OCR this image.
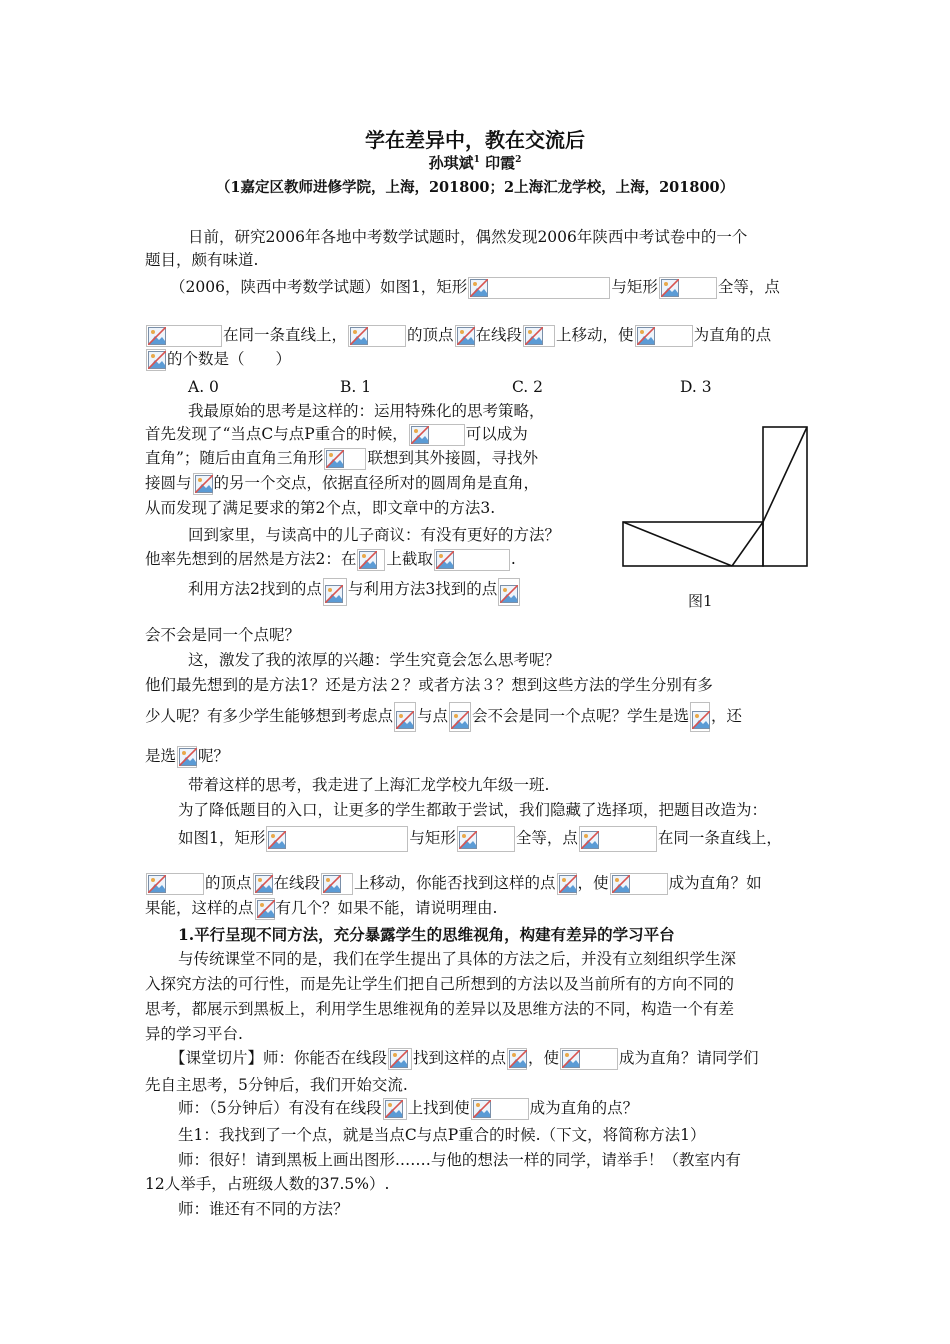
学在差异中，教在交流后
孙琪斌$^1$ 印霞$^2$
（1嘉定区教师进修学院，上海，201800；2上海汇龙学校，上海，201800）
日前，研究2006年各地中考数学试题时，偶然发现2006年陕西中考试卷中的一个
题目，颇有味道.
（2006，陕西中考数学试题）如图1，矩形	与矩形	全等，点
在同一条直线上，	的顶点 在线段 上移动，使	为直角的点
的个数是（　　）
A. 0	B. 1	C. 2	D. 3
我最原始的思考是这样的：运用特殊化的思考策略，
首先发现了“当点C与点P重合的时候，	可以成为
直角”；随后由直角三角形	联想到其外接圆，寻找外
接圆与 的另一个交点，依据直径所对的圆周角是直角，
从而发现了满足要求的第2个点，即文章中的方法3.
回到家里，与读高中的儿子商议：有没有更好的方法？
他率先想到的居然是方法2：在 上截取	.
利用方法2找到的点 与利用方法3找到的点
图1
会不会是同一个点呢？
这，激发了我的浓厚的兴趣：学生究竟会怎么思考呢？
他们最先想到的是方法1？还是方法２？或者方法３？想到这些方法的学生分别有多
少人呢？有多少学生能够想到考虑点 与点 会不会是同一个点呢？学生是选 ，还
是选 呢？
带着这样的思考，我走进了上海汇龙学校九年级一班.
为了降低题目的入口，让更多的学生都敢于尝试，我们隐藏了选择项，把题目改造为：
如图1，矩形	与矩形	全等，点	在同一条直线上，
的顶点 在线段 上移动，你能否找到这样的点 ，使	成为直角？如
果能，这样的点 有几个？如果不能，请说明理由.
1.平行呈现不同方法，充分暴露学生的思维视角，构建有差异的学习平台
与传统课堂不同的是，我们在学生提出了具体的方法之后，并没有立刻组织学生深
入探究方法的可行性，而是先让学生们把自己所想到的方法以及当前所有的方向不同的
思考，都展示到黑板上，利用学生思维视角的差异以及思维方法的不同，构造一个有差
异的学习平台.
【课堂切片】师：你能否在线段 找到这样的点 ，使	成为直角？请同学们
先自主思考，5分钟后，我们开始交流.
师：（5分钟后）有没有在线段 上找到使	成为直角的点？
生1：我找到了一个点，就是当点C与点P重合的时候.（下文，将简称方法1）
师：很好！请到黑板上画出图形.……与他的想法一样的同学，请举手！（教室内有
12人举手，占班级人数的37.5%）.
师：谁还有不同的方法？
